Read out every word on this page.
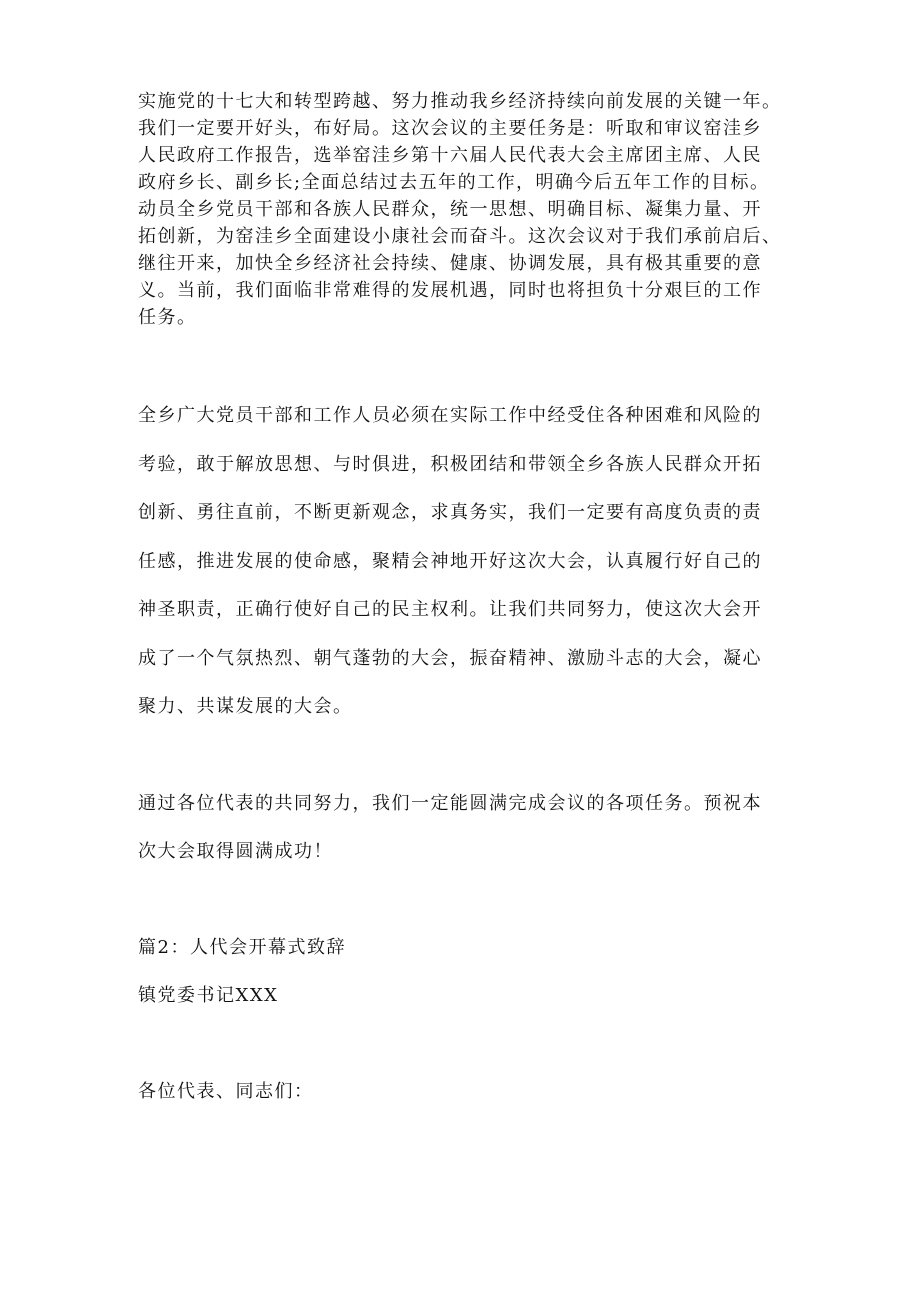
实施党的十七大和转型跨越、努力推动我乡经济持续向前发展的关键一年。
我们一定要开好头，布好局。这次会议的主要任务是：听取和审议窑洼乡
人民政府工作报告，选举窑洼乡第十六届人民代表大会主席团主席、人民
政府乡长、副乡长;全面总结过去五年的工作，明确今后五年工作的目标。
动员全乡党员干部和各族人民群众，统一思想、明确目标、凝集力量、开
拓创新，为窑洼乡全面建设小康社会而奋斗。这次会议对于我们承前启后、
继往开来，加快全乡经济社会持续、健康、协调发展，具有极其重要的意
义。当前，我们面临非常难得的发展机遇，同时也将担负十分艰巨的工作
任务。

全乡广大党员干部和工作人员必须在实际工作中经受住各种困难和风险的
考验，敢于解放思想、与时俱进，积极团结和带领全乡各族人民群众开拓
创新、勇往直前，不断更新观念，求真务实，我们一定要有高度负责的责
任感，推进发展的使命感，聚精会神地开好这次大会，认真履行好自己的
神圣职责，正确行使好自己的民主权利。让我们共同努力，使这次大会开
成了一个气氛热烈、朝气蓬勃的大会，振奋精神、激励斗志的大会，凝心
聚力、共谋发展的大会。

通过各位代表的共同努力，我们一定能圆满完成会议的各项任务。预祝本
次大会取得圆满成功！

篇2：人代会开幕式致辞

镇党委书记XXX

各位代表、同志们：
